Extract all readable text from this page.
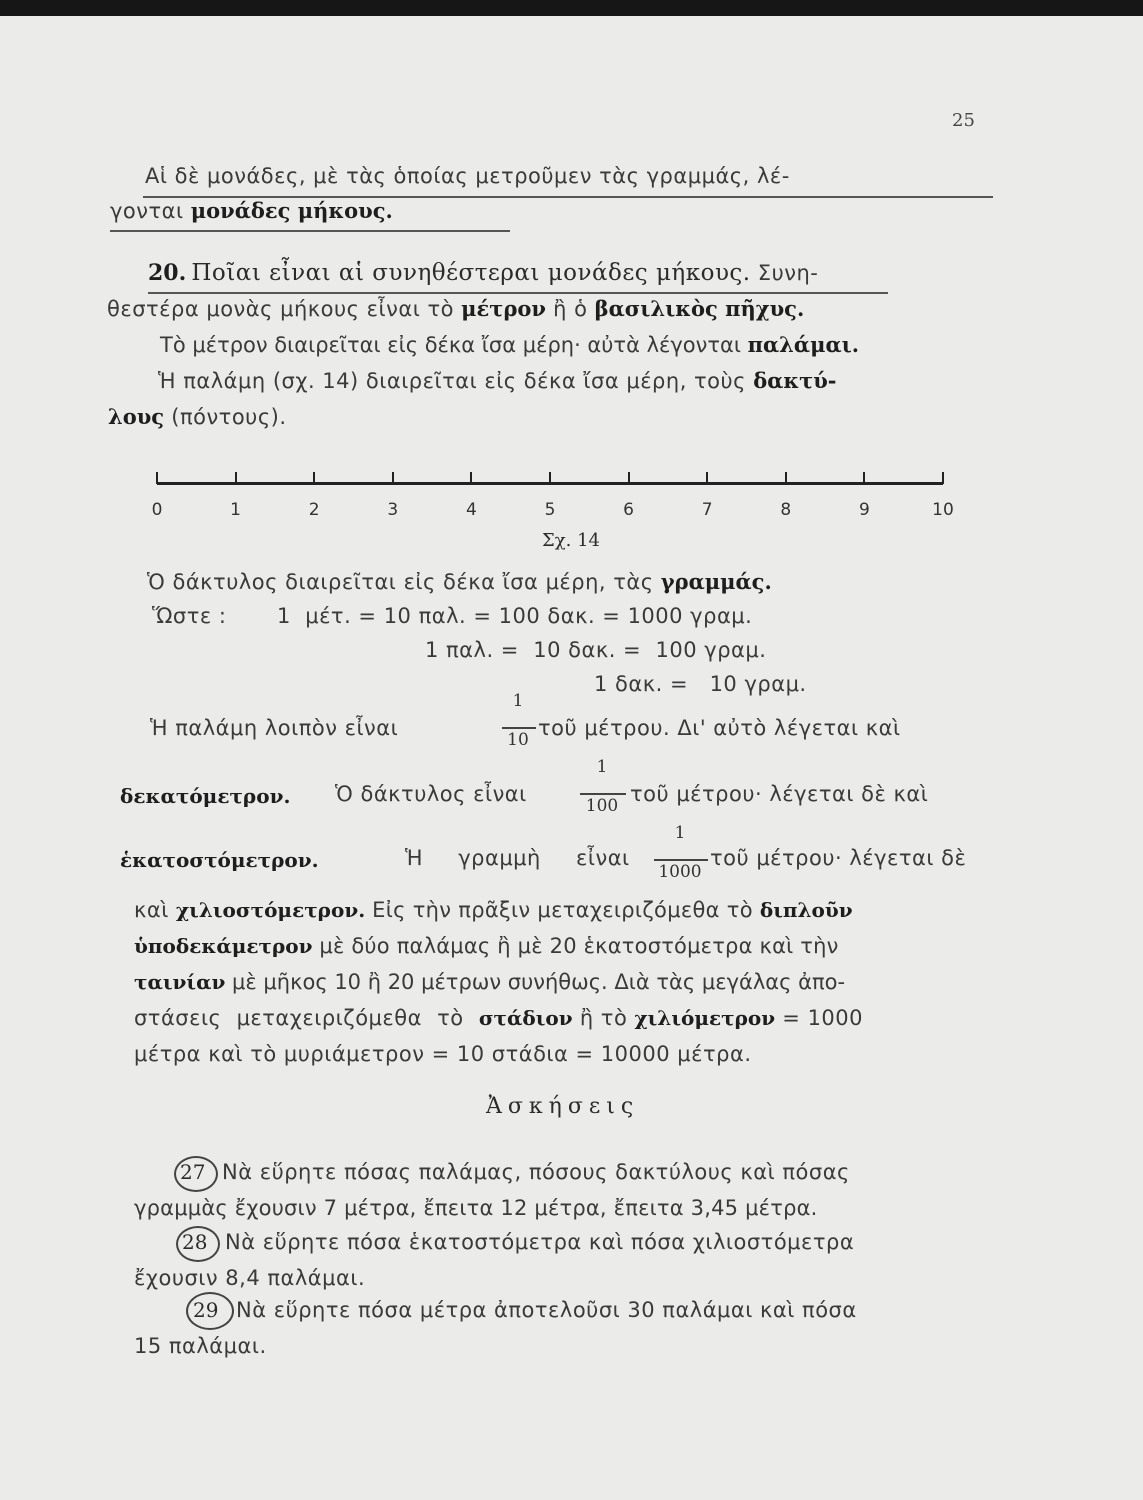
25
Αἱ δὲ μονάδες, μὲ τὰς ὁποίας μετροῦμεν τὰς γραμμάς, λέ-
γονται μονάδες μήκους.
20. Ποῖαι εἶναι αἱ συνηθέστεραι μονάδες μήκους. Συνη-
θεστέρα μονὰς μήκους εἶναι τὸ μέτρον ἢ ὁ βασιλικὸς πῆχυς.
Τὸ μέτρον διαιρεῖται εἰς δέκα ἴσα μέρη· αὐτὰ λέγονται παλάμαι.
Ἡ παλάμη (σχ. 14) διαιρεῖται εἰς δέκα ἴσα μέρη, τοὺς δακτύ-
λους (πόντους).
0	1	2	3	4	5	6	7	8	9	10
Σχ. 14
Ὁ δάκτυλος διαιρεῖται εἰς δέκα ἴσα μέρη, τὰς γραμμάς.
Ὥστε : 1  μέτ. = 10 παλ. = 100 δακ. = 1000 γραμ.
1 παλ. =  10 δακ. =  100 γραμ.
1 δακ. =   10 γραμ.
Ἡ παλάμη λοιπὸν εἶναι
1
10 τοῦ μέτρου. Δι' αὐτὸ λέγεται καὶ
δεκατόμετρον. Ὁ δάκτυλος εἶναι
1
100 τοῦ μέτρου· λέγεται δὲ καὶ
ἑκατοστόμετρον.	Ἡ γραμμὴ εἶναι
1
1000
τοῦ μέτρου· λέγεται δὲ
καὶ χιλιοστόμετρον. Εἰς τὴν πρᾶξιν μεταχειριζόμεθα τὸ διπλοῦν
ὑποδεκάμετρον μὲ δύο παλάμας ἢ μὲ 20 ἑκατοστόμετρα καὶ τὴν
ταινίαν μὲ μῆκος 10 ἢ 20 μέτρων συνήθως. Διὰ τὰς μεγάλας ἀπο-
στάσεις μεταχειριζόμεθα τὸ στάδιον ἢ τὸ χιλιόμετρον = 1000
μέτρα καὶ τὸ μυριάμετρον = 10 στάδια = 10000 μέτρα.
Ἀσκήσεις
27 Νὰ εὕρητε πόσας παλάμας, πόσους δακτύλους καὶ πόσας
γραμμὰς ἔχουσιν 7 μέτρα, ἔπειτα 12 μέτρα, ἔπειτα 3,45 μέτρα.
28 Νὰ εὕρητε πόσα ἑκατοστόμετρα καὶ πόσα χιλιοστόμετρα
ἔχουσιν 8,4 παλάμαι.
29 Νὰ εὕρητε πόσα μέτρα ἀποτελοῦσι 30 παλάμαι καὶ πόσα
15 παλάμαι.
